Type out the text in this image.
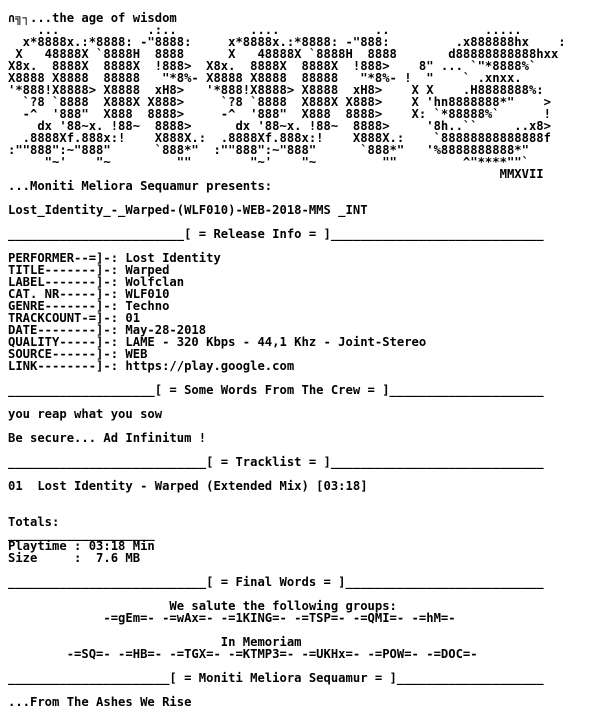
∩╗┐...the age of wisdom
...            .:..          ....             ..             .....
x*8888x.:*8888: -"8888:     x*8888x.:*8888: -"888:         .x888888hx    :
X   48888X `8888H  8888      X   48888X `8888H  8888       d88888888888hxx
X8x.  8888X  8888X  !888>  X8x.  8888X  8888X  !888>    8" ... `"*8888%`
X8888 X8888  88888   "*8%- X8888 X8888  88888   "*8%- !  "    ` .xnxx.
'*888!X8888> X8888  xH8>   '*888!X8888> X8888  xH8>    X X    .H8888888%:
`?8 `8888  X888X X888>     `?8 `8888  X888X X888>    X 'hn8888888*"    >
-^  '888"  X888  8888>     -^  '888"  X888  8888>    X: `*88888%`      !
dx '88~x. !88~  8888>      dx '88~x. !88~  8888>     '8h..``     ..x8>
.8888Xf.888x:!    X888X.:  .8888Xf.888x:!    X888X.:    `88888888888888f
:""888":~"888"      `888*"  :""888":~"888"      `888*"   '%8888888888*"
"~'    "~         ""        "~'    "~         ""         ^"****""`
MMXVII
...Moniti Meliora Sequamur presents:

Lost_Identity_-_Warped-(WLF010)-WEB-2018-MMS _INT

________________________[ = Release Info = ]_____________________________

PERFORMER--=]-: Lost Identity
TITLE-------]-: Warped
LABEL-------]-: Wolfclan
CAT. NR-----]-: WLF010
GENRE-------]-: Techno
TRACKCOUNT-=]-: 01
DATE--------]-: May-28-2018
QUALITY-----]-: LAME - 320 Kbps - 44,1 Khz - Joint-Stereo
SOURCE------]-: WEB
LINK--------]-: https://play.google.com

____________________[ = Some Words From The Crew = ]_____________________

you reap what you sow

Be secure... Ad Infinitum !

___________________________[ = Tracklist = ]_____________________________

01  Lost Identity - Warped (Extended Mix) [03:18]

Totals:
____________________
Playtime : 03:18 Min
Size     :  7.6 MB

___________________________[ = Final Words = ]___________________________

We salute the following groups:
-=gEm=- -=wAx=- -=1KING=- -=TSP=- -=QMI=- -=hM=-

In Memoriam
-=SQ=- -=HB=- -=TGX=- -=KTMP3=- -=UKHx=- -=POW=- -=DOC=-

______________________[ = Moniti Meliora Sequamur = ]____________________

...From The Ashes We Rise
